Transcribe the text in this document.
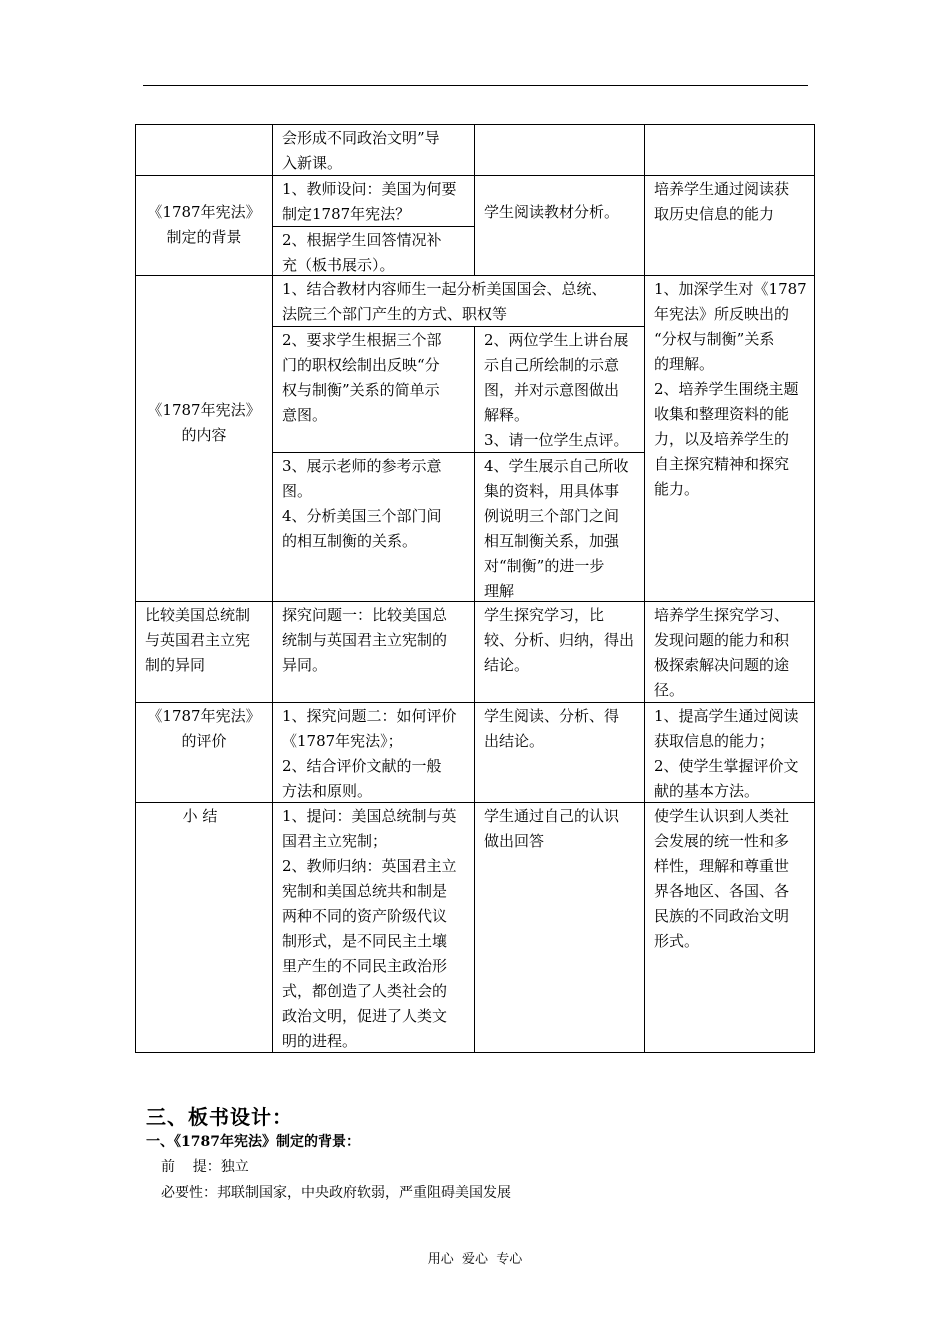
会形成不同政治文明”导
入新课。
《1787年宪法》
制定的背景
1、教师设问：美国为何要
制定1787年宪法？
2、根据学生回答情况补
充（板书展示）。
学生阅读教材分析。
培养学生通过阅读获
取历史信息的能力
《1787年宪法》
的内容
1、结合教材内容师生一起分析美国国会、总统、
法院三个部门产生的方式、职权等
2、要求学生根据三个部
门的职权绘制出反映“分
权与制衡”关系的简单示
意图。
2、两位学生上讲台展
示自己所绘制的示意
图，并对示意图做出
解释。
3、请一位学生点评。
3、展示老师的参考示意
图。
4、分析美国三个部门间
的相互制衡的关系。
4、学生展示自己所收
集的资料，用具体事
例说明三个部门之间
相互制衡关系，加强
对“制衡”的进一步
理解
1、加深学生对《1787
年宪法》所反映出的
“分权与制衡”关系
的理解。
2、培养学生围绕主题
收集和整理资料的能
力，以及培养学生的
自主探究精神和探究
能力。
比较美国总统制
与英国君主立宪
制的异同
探究问题一：比较美国总
统制与英国君主立宪制的
异同。
学生探究学习，比
较、分析、归纳，得出
结论。
培养学生探究学习、
发现问题的能力和积
极探索解决问题的途
径。
《1787年宪法》
的评价
1、探究问题二：如何评价
《1787年宪法》；
2、结合评价文献的一般
方法和原则。
学生阅读、分析、得
出结论。
1、提高学生通过阅读
获取信息的能力；
2、使学生掌握评价文
献的基本方法。
小 结	1、提问：美国总统制与英
国君主立宪制；
2、教师归纳：英国君主立
宪制和美国总统共和制是
两种不同的资产阶级代议
制形式，是不同民主土壤
里产生的不同民主政治形
式，都创造了人类社会的
政治文明，促进了人类文
明的进程。
学生通过自己的认识
做出回答
使学生认识到人类社
会发展的统一性和多
样性，理解和尊重世
界各地区、各国、各
民族的不同政治文明
形式。
三、板书设计：
一、《1787年宪法》制定的背景：
前    提：独立
必要性：邦联制国家，中央政府软弱，严重阻碍美国发展
用心  爱心  专心
